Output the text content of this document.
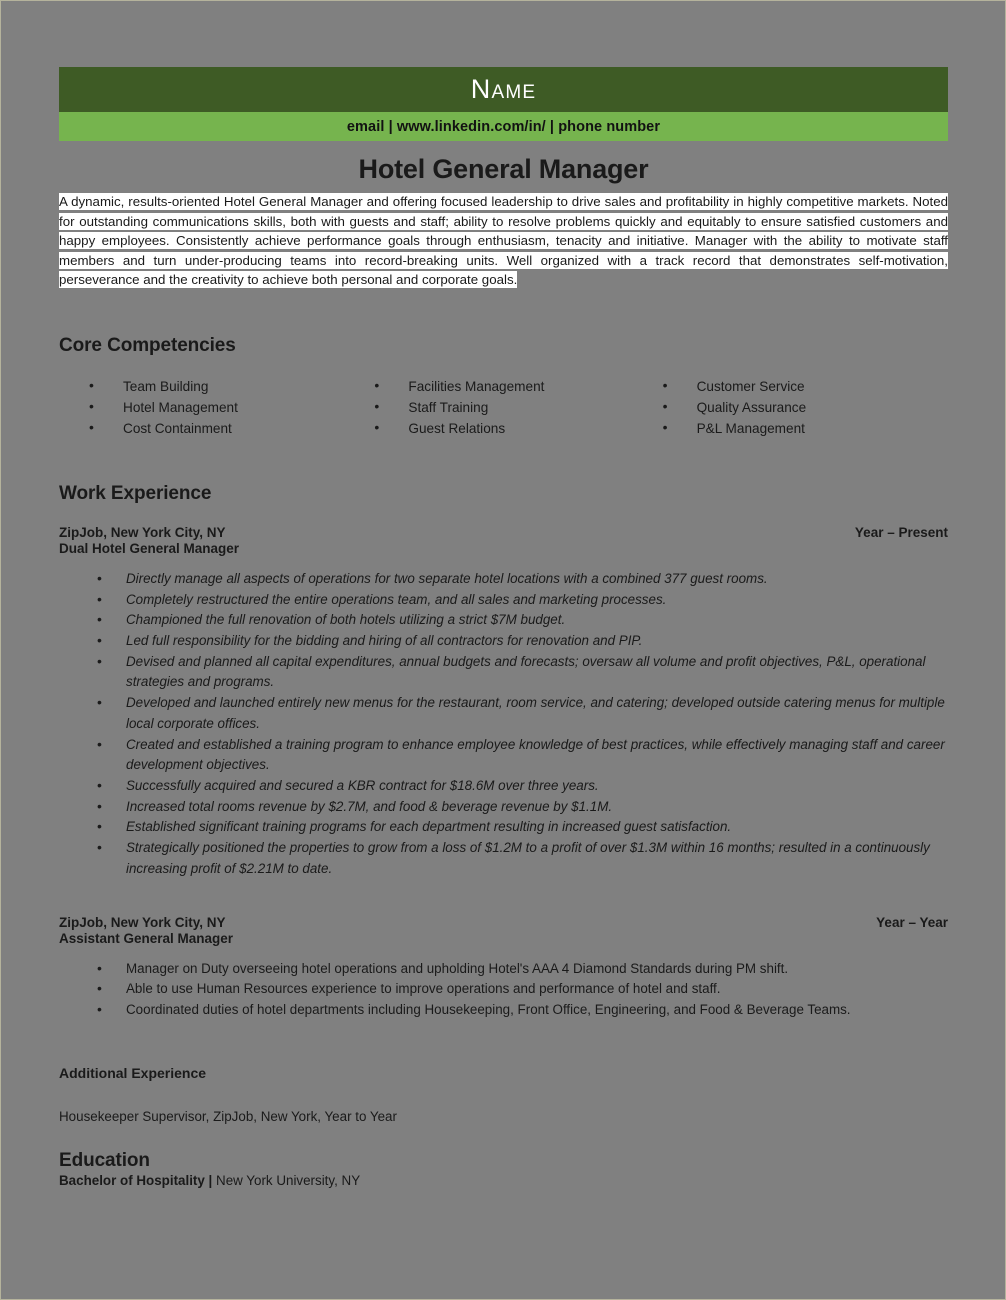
Name
email | www.linkedin.com/in/ | phone number
Hotel General Manager
A dynamic, results-oriented Hotel General Manager and offering focused leadership to drive sales and profitability in highly competitive markets. Noted for outstanding communications skills, both with guests and staff; ability to resolve problems quickly and equitably to ensure satisfied customers and happy employees. Consistently achieve performance goals through enthusiasm, tenacity and initiative. Manager with the ability to motivate staff members and turn under-producing teams into record-breaking units. Well organized with a track record that demonstrates self-motivation, perseverance and the creativity to achieve both personal and corporate goals.
Core Competencies
• Team Building
• Hotel Management
• Cost Containment
• Facilities Management
• Staff Training
• Guest Relations
• Customer Service
• Quality Assurance
• P&L Management
Work Experience
ZipJob, New York City, NY	Year – Present
Dual Hotel General Manager
• Directly manage all aspects of operations for two separate hotel locations with a combined 377 guest rooms.
• Completely restructured the entire operations team, and all sales and marketing processes.
• Championed the full renovation of both hotels utilizing a strict $7M budget.
• Led full responsibility for the bidding and hiring of all contractors for renovation and PIP.
• Devised and planned all capital expenditures, annual budgets and forecasts; oversaw all volume and profit objectives, P&L, operational strategies and programs.
• Developed and launched entirely new menus for the restaurant, room service, and catering; developed outside catering menus for multiple local corporate offices.
• Created and established a training program to enhance employee knowledge of best practices, while effectively managing staff and career development objectives.
• Successfully acquired and secured a KBR contract for $18.6M over three years.
• Increased total rooms revenue by $2.7M, and food & beverage revenue by $1.1M.
• Established significant training programs for each department resulting in increased guest satisfaction.
• Strategically positioned the properties to grow from a loss of $1.2M to a profit of over $1.3M within 16 months; resulted in a continuously increasing profit of $2.21M to date.
ZipJob, New York City, NY	Year – Year
Assistant General Manager
• Manager on Duty overseeing hotel operations and upholding Hotel's AAA 4 Diamond Standards during PM shift.
• Able to use Human Resources experience to improve operations and performance of hotel and staff.
• Coordinated duties of hotel departments including Housekeeping, Front Office, Engineering, and Food & Beverage Teams.
Additional Experience
Housekeeper Supervisor, ZipJob, New York, Year to Year
Education
Bachelor of Hospitality | New York University, NY
